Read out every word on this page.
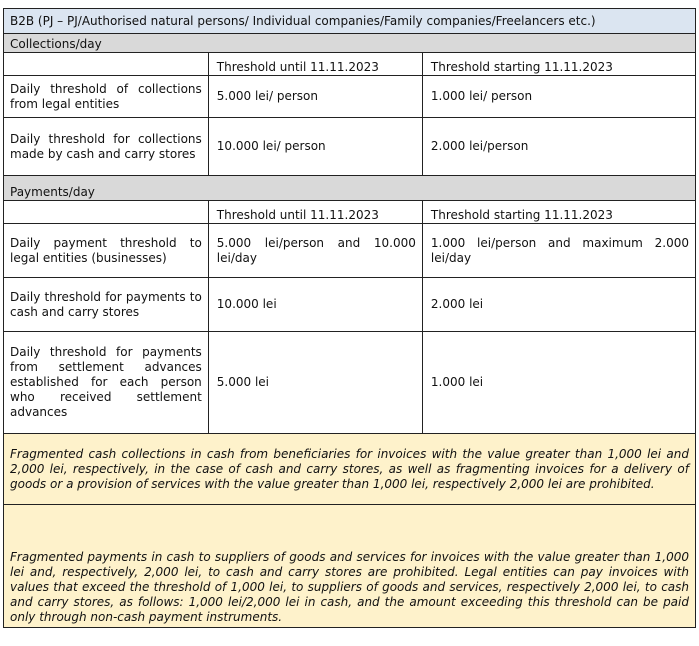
B2B (PJ – PJ/Authorised natural persons/ Individual companies/Family companies/Freelancers etc.)		
Collections/day		
	Threshold until 11.11.2023	Threshold starting 11.11.2023
Daily threshold of collections from legal entities	5.000 lei/ person	1.000 lei/ person
Daily threshold for collections made by cash and carry stores	10.000 lei/ person	2.000 lei/person
Payments/day		
	Threshold until 11.11.2023	Threshold starting 11.11.2023
Daily payment threshold to legal entities (businesses)	5.000 lei/person and 10.000 lei/day	1.000 lei/person and maximum 2.000 lei/day
Daily threshold for payments to cash and carry stores	10.000 lei	2.000 lei
Daily threshold for payments from settlement advances established for each person who received settlement advances	5.000 lei	1.000 lei
Fragmented cash collections in cash from beneficiaries for invoices with the value greater than 1,000 lei and 2,000 lei, respectively, in the case of cash and carry stores, as well as fragmenting invoices for a delivery of goods or a provision of services with the value greater than 1,000 lei, respectively 2,000 lei are prohibited.		
Fragmented payments in cash to suppliers of goods and services for invoices with the value greater than 1,000 lei and, respectively, 2,000 lei, to cash and carry stores are prohibited. Legal entities can pay invoices with values that exceed the threshold of 1,000 lei, to suppliers of goods and services, respectively 2,000 lei, to cash and carry stores, as follows: 1,000 lei/2,000 lei in cash, and the amount exceeding this threshold can be paid only through non-cash payment instruments.		
